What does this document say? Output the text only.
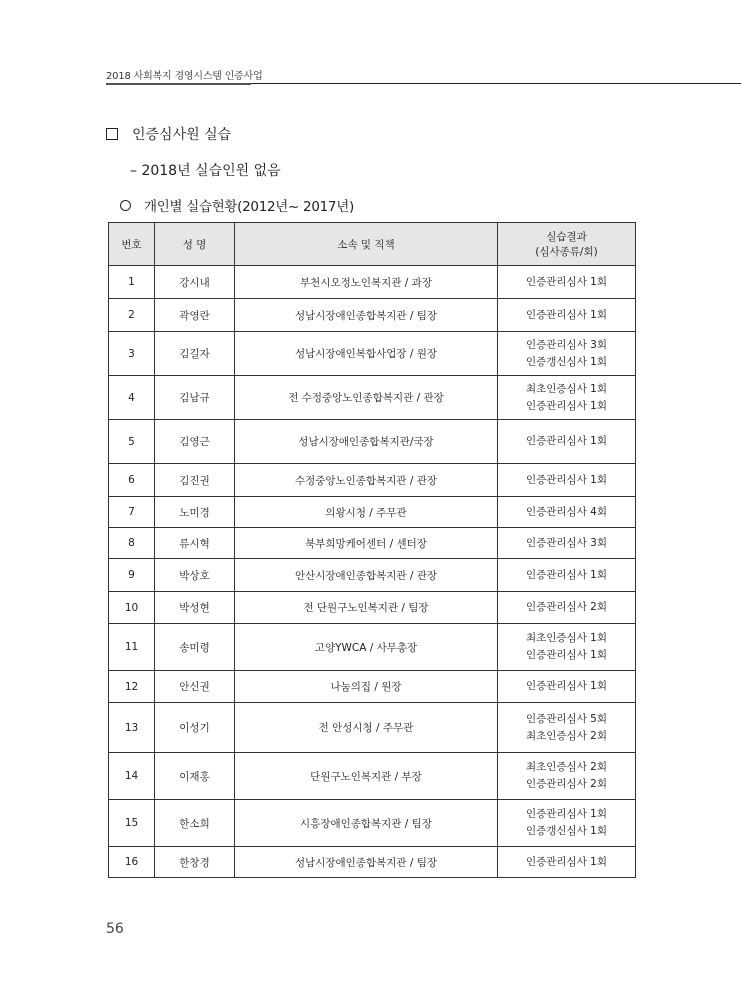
2018 사회복지 경영시스템 인증사업
인증심사원 실습
– 2018년 실습인원 없음
개인별 실습현황(2012년~ 2017년)
번호	성 명	소속 및 직책	실습결과
(심사종류/회)

1	강시내	부천시오정노인복지관 / 과장	인증관리심사 1회

2	곽영란	성남시장애인종합복지관 / 팀장	인증관리심사 1회

3	김길자	성남시장애인복합사업장 / 원장	인증관리심사 3회
인증갱신심사 1회

4	김남규	전 수정중앙노인종합복지관 / 관장	최초인증심사 1회
인증관리심사 1회

5	김영근	성남시장애인종합복지관/국장	인증관리심사 1회

6	김진권	수정중앙노인종합복지관 / 관장	인증관리심사 1회

7	노미경	의왕시청 / 주무관	인증관리심사 4회

8	류시혁	북부희망케어센터 / 센터장	인증관리심사 3회

9	박상호	안산시장애인종합복지관 / 관장	인증관리심사 1회

10	박성현	전 단원구노인복지관 / 팀장	인증관리심사 2회

11	송미령	고양YWCA / 사무총장	최초인증심사 1회
인증관리심사 1회

12	안신권	나눔의집 / 원장	인증관리심사 1회

13	이성기	전 안성시청 / 주무관	인증관리심사 5회
최초인증심사 2회

14	이재홍	단원구노인복지관 / 부장	최초인증심사 2회
인증관리심사 2회

15	한소희	시흥장애인종합복지관 / 팀장	인증관리심사 1회
인증갱신심사 1회

16	한창경	성남시장애인종합복지관 / 팀장	인증관리심사 1회
56
